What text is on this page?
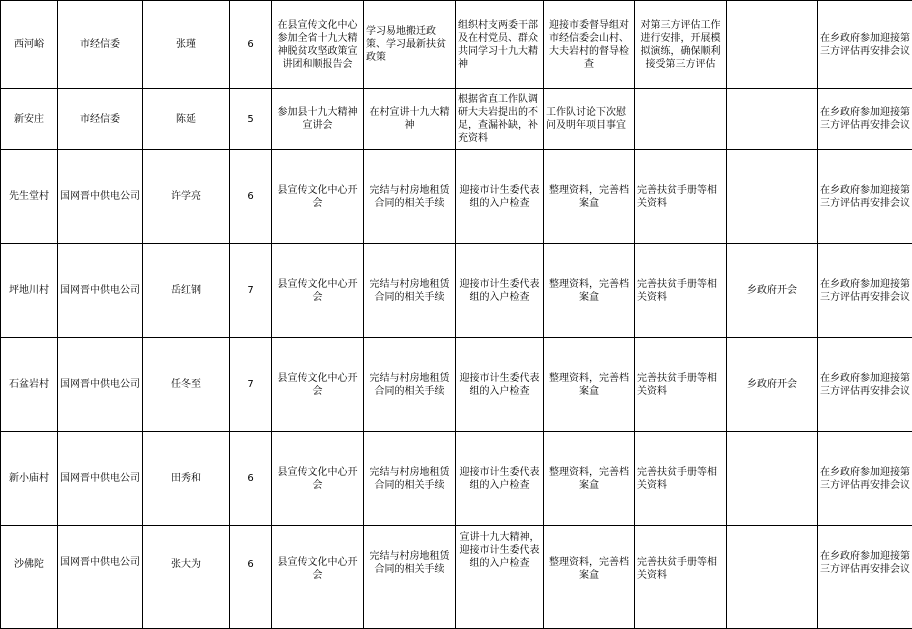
西河峪	市经信委	张瑾	6	在县宣传文化中心参加全省十九大精神脱贫攻坚政策宣讲团和顺报告会	学习易地搬迁政策、学习最新扶贫政策	组织村支两委干部及在村党员、群众共同学习十九大精神	迎接市委督导组对市经信委会山村、大夫岩村的督导检查	对第三方评估工作进行安排，开展模拟演练，确保顺利接受第三方评估		在乡政府参加迎接第三方评估再安排会议
新安庄	市经信委	陈延	5	参加县十九大精神宣讲会	在村宣讲十九大精神	根据省直工作队调研大夫岩提出的不足，查漏补缺，补充资料	工作队讨论下次慰问及明年项目事宜			在乡政府参加迎接第三方评估再安排会议
先生堂村	国网晋中供电公司	许学亮	6	县宣传文化中心开会	完结与村房地租赁合同的相关手续	迎接市计生委代表组的入户检查	整理资料，完善档案盒	完善扶贫手册等相关资料		在乡政府参加迎接第三方评估再安排会议
坪地川村	国网晋中供电公司	岳红钢	7	县宣传文化中心开会	完结与村房地租赁合同的相关手续	迎接市计生委代表组的入户检查	整理资料，完善档案盒	完善扶贫手册等相关资料	乡政府开会	在乡政府参加迎接第三方评估再安排会议
石盆岩村	国网晋中供电公司	任冬至	7	县宣传文化中心开会	完结与村房地租赁合同的相关手续	迎接市计生委代表组的入户检查	整理资料，完善档案盒	完善扶贫手册等相关资料	乡政府开会	在乡政府参加迎接第三方评估再安排会议
新小庙村	国网晋中供电公司	田秀和	6	县宣传文化中心开会	完结与村房地租赁合同的相关手续	迎接市计生委代表组的入户检查	整理资料，完善档案盒	完善扶贫手册等相关资料		在乡政府参加迎接第三方评估再安排会议
沙佛陀	国网晋中供电公司	张大为	6	县宣传文化中心开会	完结与村房地租赁合同的相关手续	宣讲十九大精神，迎接市计生委代表组的入户检查	整理资料，完善档案盒	完善扶贫手册等相关资料		在乡政府参加迎接第三方评估再安排会议
